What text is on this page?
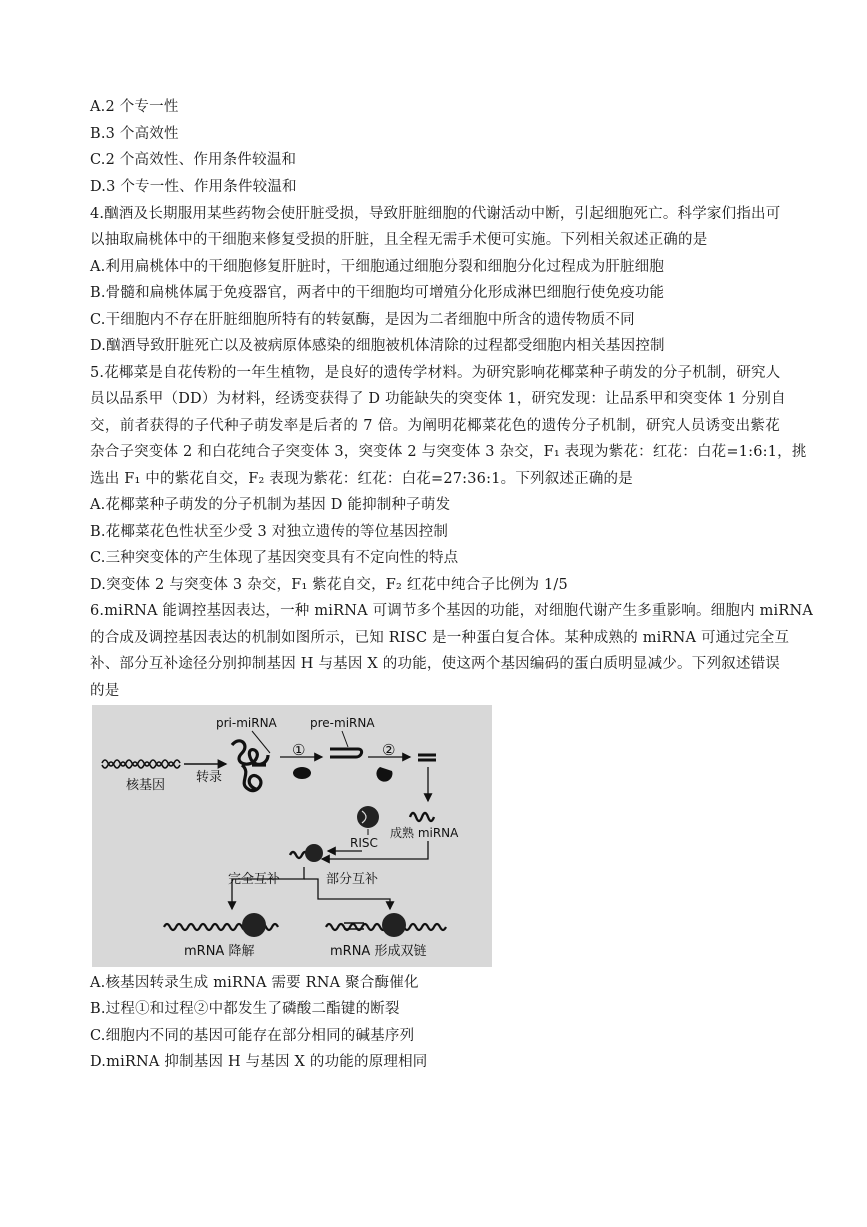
A.2 个专一性
B.3 个高效性
C.2 个高效性、作用条件较温和
D.3 个专一性、作用条件较温和
4.酗酒及长期服用某些药物会使肝脏受损，导致肝脏细胞的代谢活动中断，引起细胞死亡。科学家们指出可
以抽取扁桃体中的干细胞来修复受损的肝脏，且全程无需手术便可实施。下列相关叙述正确的是
A.利用扁桃体中的干细胞修复肝脏时，干细胞通过细胞分裂和细胞分化过程成为肝脏细胞
B.骨髓和扁桃体属于免疫器官，两者中的干细胞均可增殖分化形成淋巴细胞行使免疫功能
C.干细胞内不存在肝脏细胞所特有的转氨酶，是因为二者细胞中所含的遗传物质不同
D.酗酒导致肝脏死亡以及被病原体感染的细胞被机体清除的过程都受细胞内相关基因控制
5.花椰菜是自花传粉的一年生植物，是良好的遗传学材料。为研究影响花椰菜种子萌发的分子机制，研究人
员以品系甲（DD）为材料，经诱变获得了 D 功能缺失的突变体 1，研究发现：让品系甲和突变体 1 分别自
交，前者获得的子代种子萌发率是后者的 7 倍。为阐明花椰菜花色的遗传分子机制，研究人员诱变出紫花
杂合子突变体 2 和白花纯合子突变体 3，突变体 2 与突变体 3 杂交，F₁ 表现为紫花：红花：白花=1:6:1，挑
选出 F₁ 中的紫花自交，F₂ 表现为紫花：红花：白花=27:36:1。下列叙述正确的是
A.花椰菜种子萌发的分子机制为基因 D 能抑制种子萌发
B.花椰菜花色性状至少受 3 对独立遗传的等位基因控制
C.三种突变体的产生体现了基因突变具有不定向性的特点
D.突变体 2 与突变体 3 杂交，F₁ 紫花自交，F₂ 红花中纯合子比例为 1/5
6.miRNA 能调控基因表达，一种 miRNA 可调节多个基因的功能，对细胞代谢产生多重影响。细胞内 miRNA
的合成及调控基因表达的机制如图所示，已知 RISC 是一种蛋白复合体。某种成熟的 miRNA 可通过完全互
补、部分互补途径分别抑制基因 H 与基因 X 的功能，使这两个基因编码的蛋白质明显减少。下列叙述错误
的是
核基因
转录
pri-miRNA
①
pre-miRNA
②
成熟 miRNA
RISC
完全互补	部分互补
mRNA 降解	mRNA 形成双链
A.核基因转录生成 miRNA 需要 RNA 聚合酶催化
B.过程①和过程②中都发生了磷酸二酯键的断裂
C.细胞内不同的基因可能存在部分相同的碱基序列
D.miRNA 抑制基因 H 与基因 X 的功能的原理相同
